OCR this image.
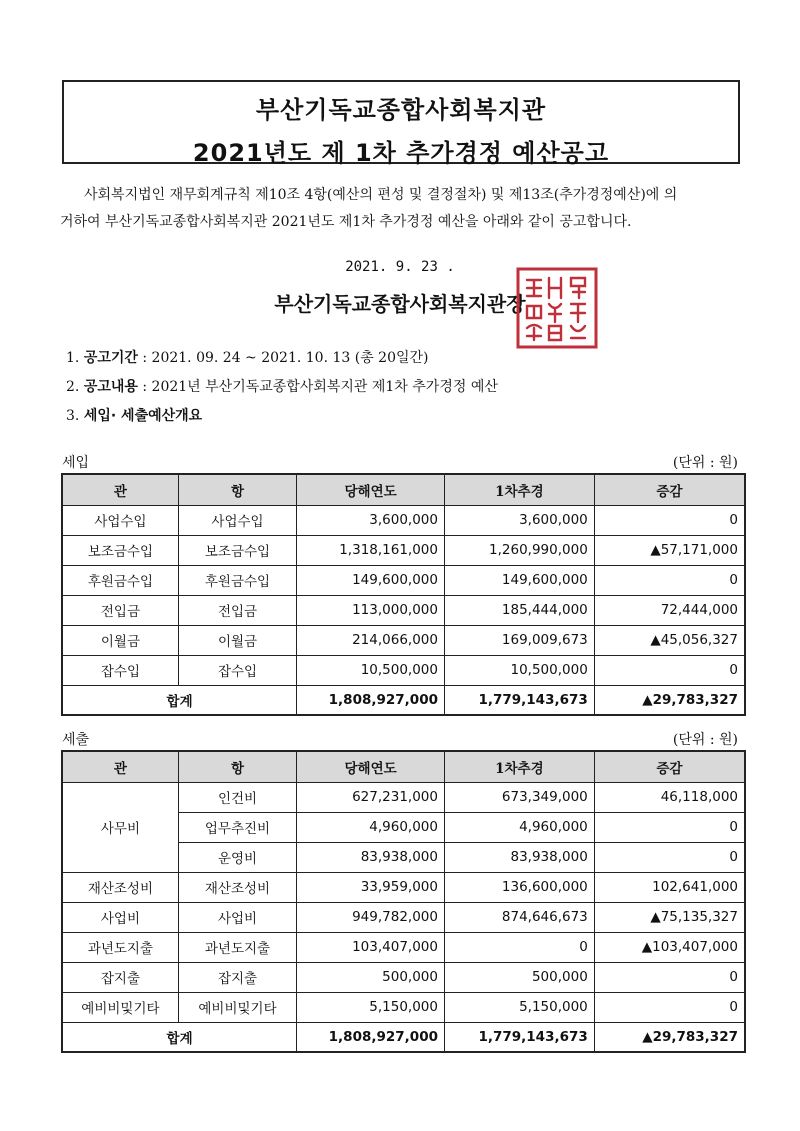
부산기독교종합사회복지관
2021년도 제 1차 추가경정 예산공고
사회복지법인 재무회계규칙 제10조 4항(예산의 편성 및 결정절차) 및 제13조(추가경정예산)에 의
거하여 부산기독교종합사회복지관 2021년도 제1차 추가경정 예산을 아래와 같이 공고합니다.
2021. 9. 23 .
부산기독교종합사회복지관장
1. 공고기간 : 2021. 09. 24 ~ 2021. 10. 13 (총 20일간)
2. 공고내용 : 2021년 부산기독교종합사회복지관 제1차 추가경정 예산
3. 세입· 세출예산개요
세입	(단위 : 원)
관	항	당해연도	1차추경	증감
사업수입	사업수입	3,600,000	3,600,000	0
보조금수입	보조금수입	1,318,161,000	1,260,990,000	▲57,171,000
후원금수입	후원금수입	149,600,000	149,600,000	0
전입금	전입금	113,000,000	185,444,000	72,444,000
이월금	이월금	214,066,000	169,009,673	▲45,056,327
잡수입	잡수입	10,500,000	10,500,000	0
합계		1,808,927,000	1,779,143,673	▲29,783,327
세출	(단위 : 원)
관	항	당해연도	1차추경	증감
사무비	인건비	627,231,000	673,349,000	46,118,000
	업무추진비	4,960,000	4,960,000	0
	운영비	83,938,000	83,938,000	0
재산조성비	재산조성비	33,959,000	136,600,000	102,641,000
사업비	사업비	949,782,000	874,646,673	▲75,135,327
과년도지출	과년도지출	103,407,000	0	▲103,407,000
잡지출	잡지출	500,000	500,000	0
예비비및기타	예비비및기타	5,150,000	5,150,000	0
합계		1,808,927,000	1,779,143,673	▲29,783,327
